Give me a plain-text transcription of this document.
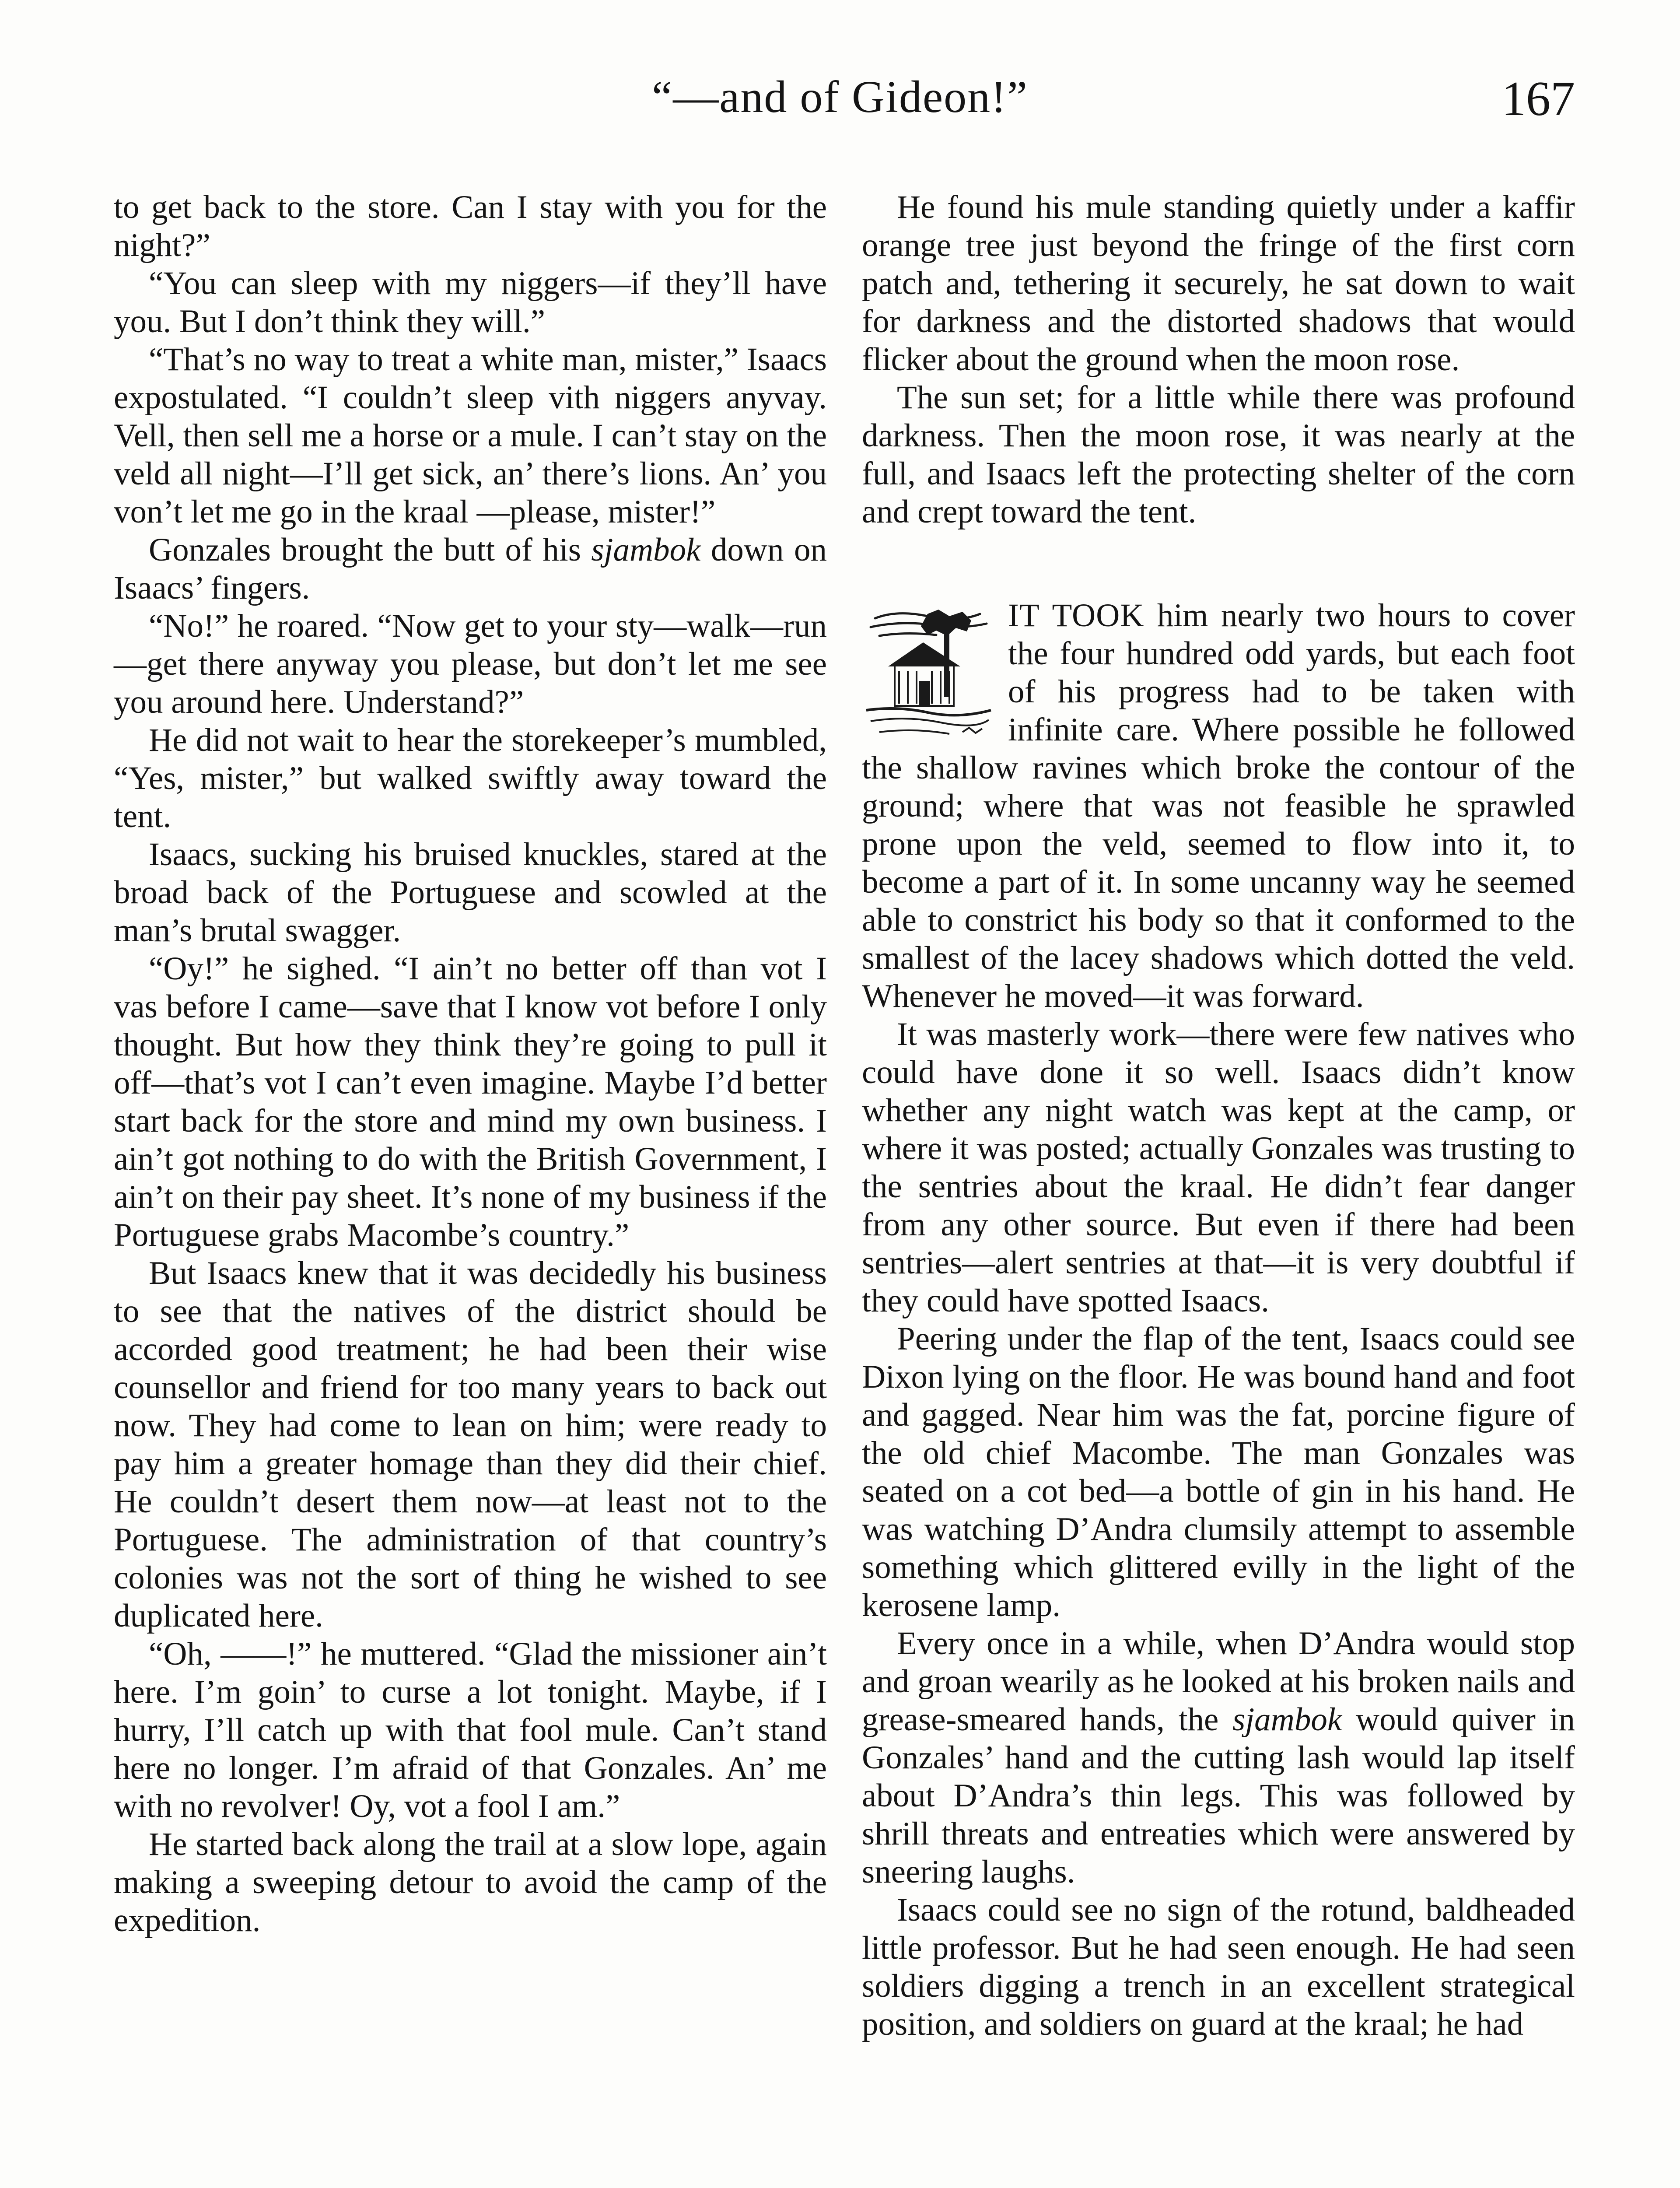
“—and of Gideon!”	167

to get back to the store. Can I stay with you for the night?”

“You can sleep with my niggers—if they’ll have you. But I don’t think they will.”

“That’s no way to treat a white man, mister,” Isaacs expostulated. “I couldn’t sleep vith niggers anyvay. Vell, then sell me a horse or a mule. I can’t stay on the veld all night—I’ll get sick, an’ there’s lions. An’ you von’t let me go in the kraal —please, mister!”

Gonzales brought the butt of his sjambok down on Isaacs’ fingers.

“No!” he roared. “Now get to your sty—walk—run—get there anyway you please, but don’t let me see you around here. Understand?”

He did not wait to hear the storekeeper’s mumbled, “Yes, mister,” but walked swiftly away toward the tent.

Isaacs, sucking his bruised knuckles, stared at the broad back of the Portuguese and scowled at the man’s brutal swagger.

“Oy!” he sighed. “I ain’t no better off than vot I vas before I came—save that I know vot before I only thought. But how they think they’re going to pull it off—that’s vot I can’t even imagine. Maybe I’d better start back for the store and mind my own business. I ain’t got nothing to do with the British Government, I ain’t on their pay sheet. It’s none of my business if the Portuguese grabs Macombe’s country.”

But Isaacs knew that it was decidedly his business to see that the natives of the district should be accorded good treatment; he had been their wise counsellor and friend for too many years to back out now. They had come to lean on him; were ready to pay him a greater homage than they did their chief. He couldn’t desert them now—at least not to the Portuguese. The administration of that country’s colonies was not the sort of thing he wished to see duplicated here.

“Oh, ——!” he muttered. “Glad the missioner ain’t here. I’m goin’ to curse a lot tonight. Maybe, if I hurry, I’ll catch up with that fool mule. Can’t stand here no longer. I’m afraid of that Gonzales. An’ me with no revolver! Oy, vot a fool I am.”

He started back along the trail at a slow lope, again making a sweeping detour to avoid the camp of the expedition.

He found his mule standing quietly under a kaffir orange tree just beyond the fringe of the first corn patch and, tethering it securely, he sat down to wait for darkness and the distorted shadows that would flicker about the ground when the moon rose.

The sun set; for a little while there was profound darkness. Then the moon rose, it was nearly at the full, and Isaacs left the protecting shelter of the corn and crept toward the tent.

IT TOOK him nearly two hours to cover the four hundred odd yards, but each foot of his progress had to be taken with infinite care. Where possible he followed the shallow ravines which broke the contour of the ground; where that was not feasible he sprawled prone upon the veld, seemed to flow into it, to become a part of it. In some uncanny way he seemed able to constrict his body so that it conformed to the smallest of the lacey shadows which dotted the veld. Whenever he moved—it was forward.

It was masterly work—there were few natives who could have done it so well. Isaacs didn’t know whether any night watch was kept at the camp, or where it was posted; actually Gonzales was trusting to the sentries about the kraal. He didn’t fear danger from any other source. But even if there had been sentries—alert sentries at that—it is very doubtful if they could have spotted Isaacs.

Peering under the flap of the tent, Isaacs could see Dixon lying on the floor. He was bound hand and foot and gagged. Near him was the fat, porcine figure of the old chief Macombe. The man Gonzales was seated on a cot bed—a bottle of gin in his hand. He was watching D’Andra clumsily attempt to assemble something which glittered evilly in the light of the kerosene lamp.

Every once in a while, when D’Andra would stop and groan wearily as he looked at his broken nails and grease-smeared hands, the sjambok would quiver in Gonzales’ hand and the cutting lash would lap itself about D’Andra’s thin legs. This was followed by shrill threats and entreaties which were answered by sneering laughs.

Isaacs could see no sign of the rotund, baldheaded little professor. But he had seen enough. He had seen soldiers digging a trench in an excellent strategical position, and soldiers on guard at the kraal; he had
